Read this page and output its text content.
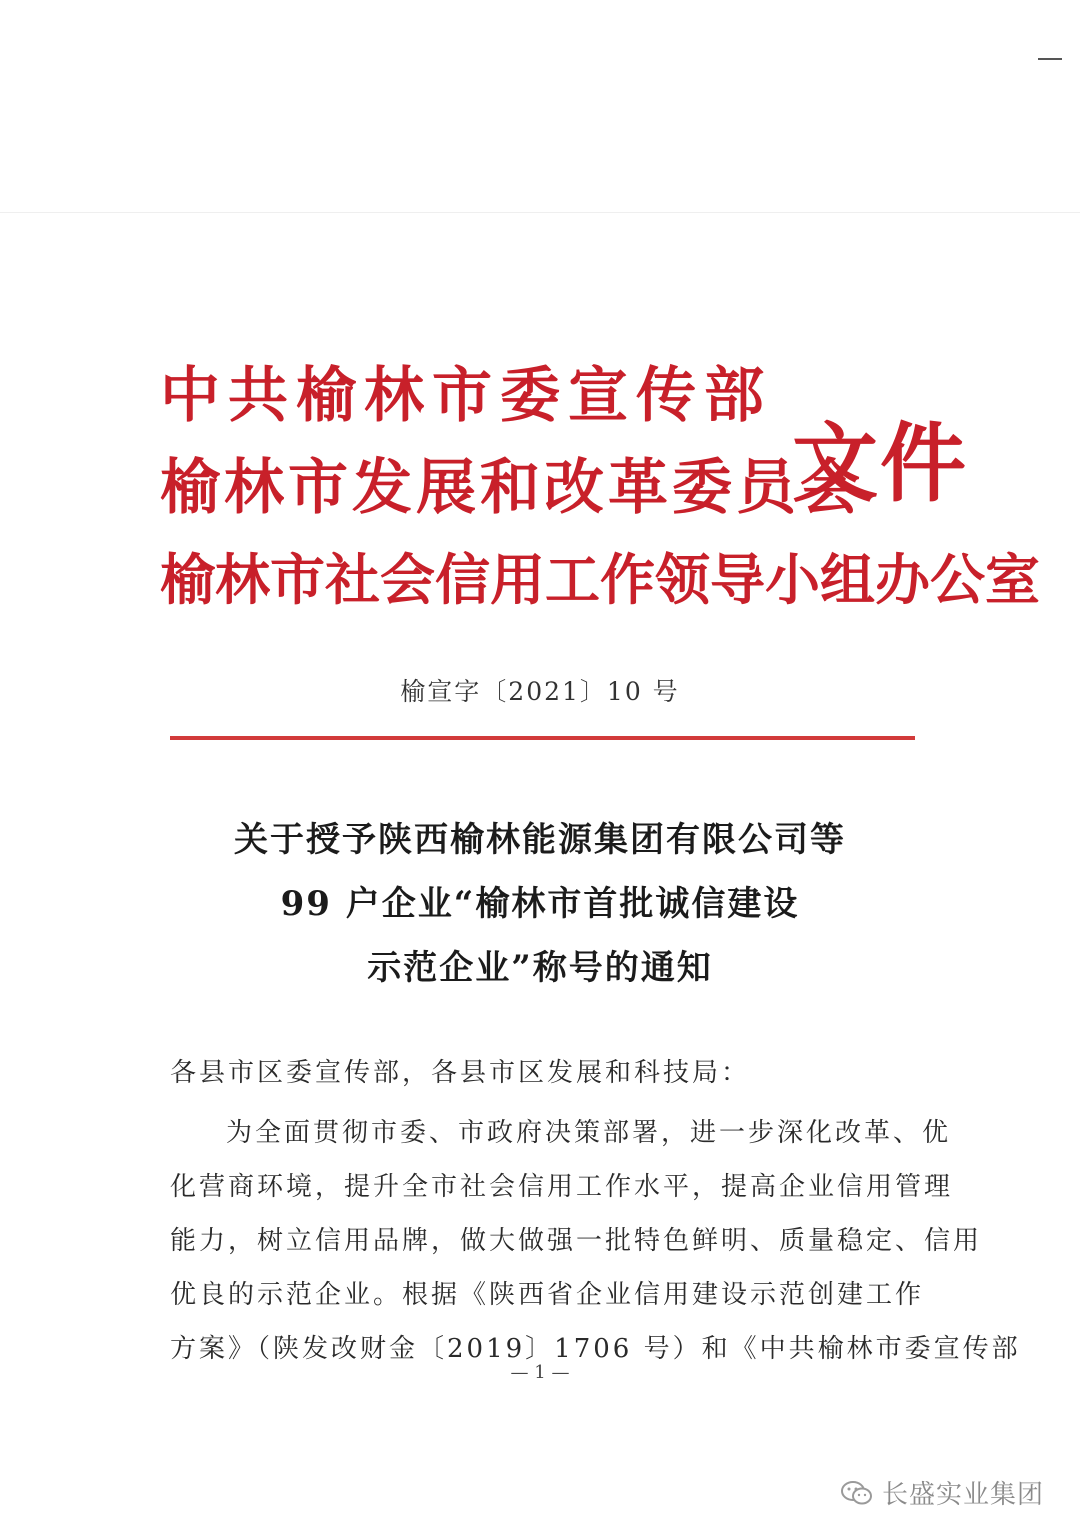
中共榆林市委宣传部
榆林市发展和改革委员会
榆林市社会信用工作领导小组办公室
文件
榆宣字〔2021〕10 号
关于授予陕西榆林能源集团有限公司等
99 户企业“榆林市首批诚信建设
示范企业”称号的通知
各县市区委宣传部，各县市区发展和科技局：
为全面贯彻市委、市政府决策部署，进一步深化改革、优
化营商环境，提升全市社会信用工作水平，提高企业信用管理
能力，树立信用品牌，做大做强一批特色鲜明、质量稳定、信用
优良的示范企业。根据《陕西省企业信用建设示范创建工作
方案》（陕发改财金〔2019〕1706 号）和《中共榆林市委宣传部
— 1 —
长盛实业集团
